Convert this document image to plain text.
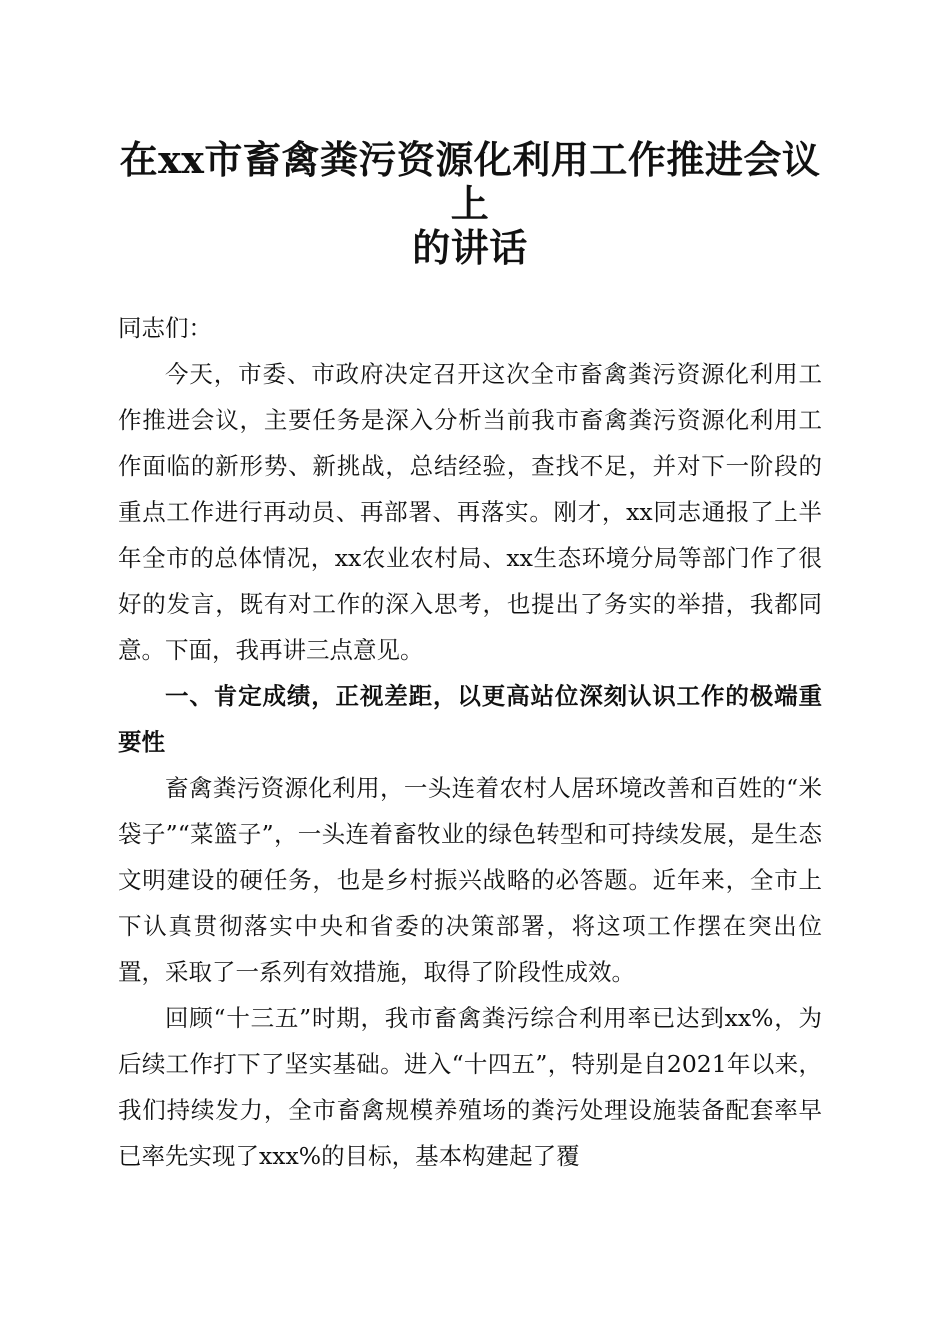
在xx市畜禽粪污资源化利用工作推进会议上
的讲话

同志们：

今天，市委、市政府决定召开这次全市畜禽粪污资源化利用工作推进会议，主要任务是深入分析当前我市畜禽粪污资源化利用工作面临的新形势、新挑战，总结经验，查找不足，并对下一阶段的重点工作进行再动员、再部署、再落实。刚才，xx同志通报了上半年全市的总体情况，xx农业农村局、xx生态环境分局等部门作了很好的发言，既有对工作的深入思考，也提出了务实的举措，我都同意。下面，我再讲三点意见。

一、肯定成绩，正视差距，以更高站位深刻认识工作的极端重要性

畜禽粪污资源化利用，一头连着农村人居环境改善和百姓的“米袋子”“菜篮子”，一头连着畜牧业的绿色转型和可持续发展，是生态文明建设的硬任务，也是乡村振兴战略的必答题。近年来，全市上下认真贯彻落实中央和省委的决策部署，将这项工作摆在突出位置，采取了一系列有效措施，取得了阶段性成效。

回顾“十三五”时期，我市畜禽粪污综合利用率已达到xx%，为后续工作打下了坚实基础。进入“十四五”，特别是自2021年以来，我们持续发力，全市畜禽规模养殖场的粪污处理设施装备配套率早已率先实现了xxx%的目标，基本构建起了覆
